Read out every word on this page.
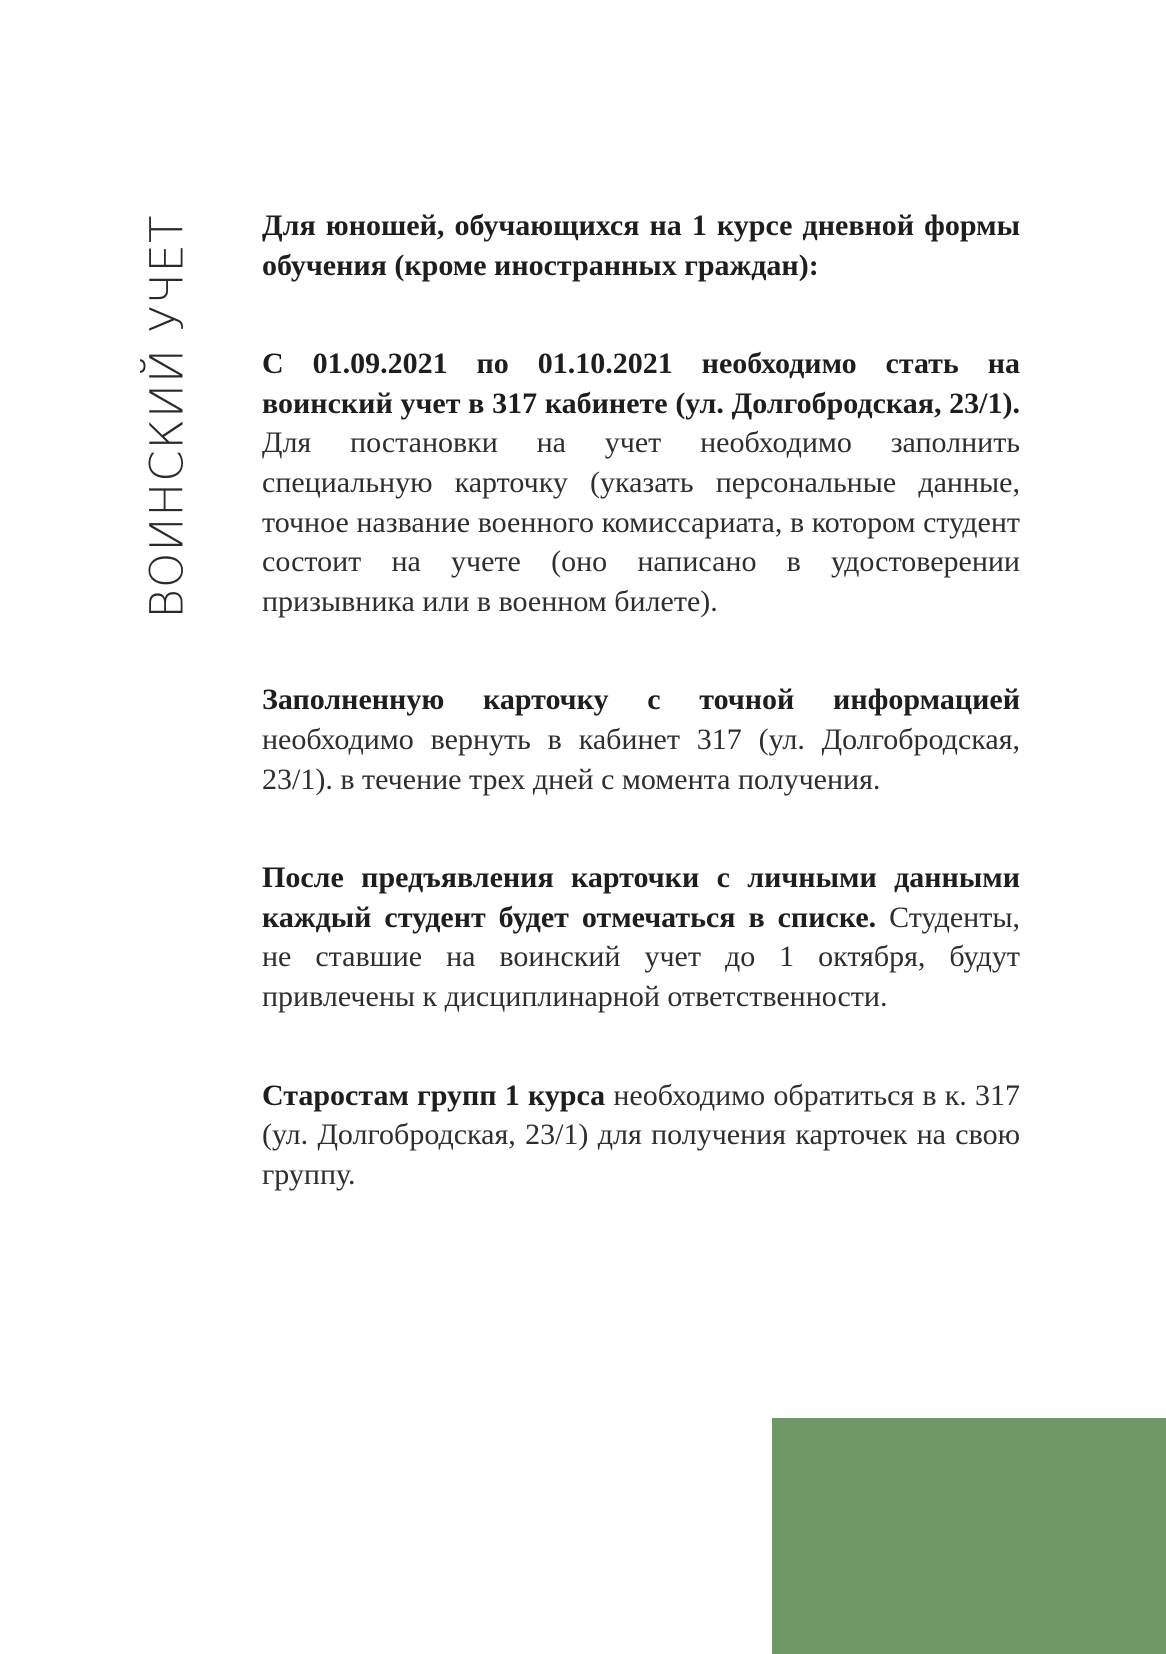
ВОИНСКИЙ УЧЕТ Для юношей, обучающихся на 1 курсе дневной формы обучения (кроме иностранных граждан):

С 01.09.2021 по 01.10.2021 необходимо стать на воинский учет в 317 кабинете (ул. Долгобродская, 23/1). Для постановки на учет необходимо заполнить специальную карточку (указать персональные данные, точное название военного комиссариата, в котором студент состоит на учете (оно написано в удостоверении призывника или в военном билете).

Заполненную карточку с точной информацией необходимо вернуть в кабинет 317 (ул. Долгобродская, 23/1). в течение трех дней с момента получения.

После предъявления карточки с личными данными каждый студент будет отмечаться в списке. Студенты, не ставшие на воинский учет до 1 октября, будут привлечены к дисциплинарной ответственности.

Старостам групп 1 курса необходимо обратиться в к. 317 (ул. Долгобродская, 23/1) для получения карточек на свою группу.
